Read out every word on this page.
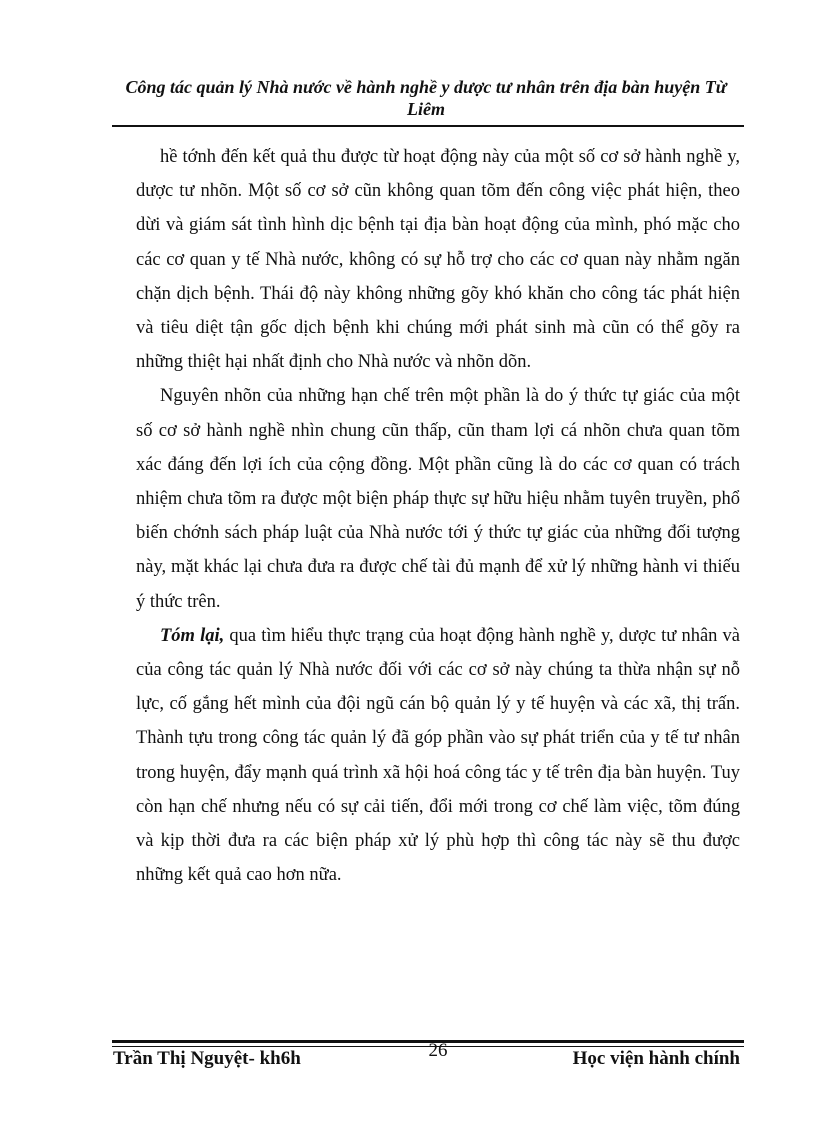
Công tác quản lý Nhà nước về hành nghề y dược tư nhân trên địa bàn huyện Từ Liêm

hề tớnh đến kết quả thu được từ hoạt động này của một số cơ sở hành nghề y, dược tư nhõn. Một số cơ sở cũn không quan tõm đến công việc phát hiện, theo dừi và giám sát tình hình dịc bệnh tại địa bàn hoạt động của mình, phó mặc cho các cơ quan y tế Nhà nước, không có sự hỗ trợ cho các cơ quan này nhằm ngăn chặn dịch bệnh. Thái độ này không những gõy khó khăn cho công tác phát hiện và tiêu diệt tận gốc dịch bệnh khi chúng mới phát sinh mà cũn có thể gõy ra những thiệt hại nhất định cho Nhà nước và nhõn dõn.

Nguyên nhõn của những hạn chế trên một phần là do ý thức tự giác của một số cơ sở hành nghề nhìn chung cũn thấp, cũn tham lợi cá nhõn chưa quan tõm xác đáng đến lợi ích của cộng đồng. Một phần cũng là do các cơ quan có trách nhiệm chưa tõm ra được một biện pháp thực sự hữu hiệu nhằm tuyên truyền, phổ biến chớnh sách pháp luật của Nhà nước tới ý thức tự giác của những đối tượng này, mặt khác lại chưa đưa ra được chế tài đủ mạnh để xử lý những hành vi thiếu ý thức trên.

Tóm lại, qua tìm hiểu thực trạng của hoạt động hành nghề y, dược tư nhân và của công tác quản lý Nhà nước đối với các cơ sở này chúng ta thừa nhận sự nỗ lực, cố gắng hết mình của đội ngũ cán bộ quản lý y tế huyện và các xã, thị trấn. Thành tựu trong công tác quản lý đã góp phần vào sự phát triển của y tế tư nhân trong huyện, đẩy mạnh quá trình xã hội hoá công tác y tế trên địa bàn huyện. Tuy còn hạn chế nhưng nếu có sự cải tiến, đổi mới trong cơ chế làm việc, tõm đúng và kịp thời đưa ra các biện pháp xử lý phù hợp thì công tác này sẽ thu được những kết quả cao hơn nữa.

Trần Thị Nguyệt- kh6h	26	Học viện hành chính
